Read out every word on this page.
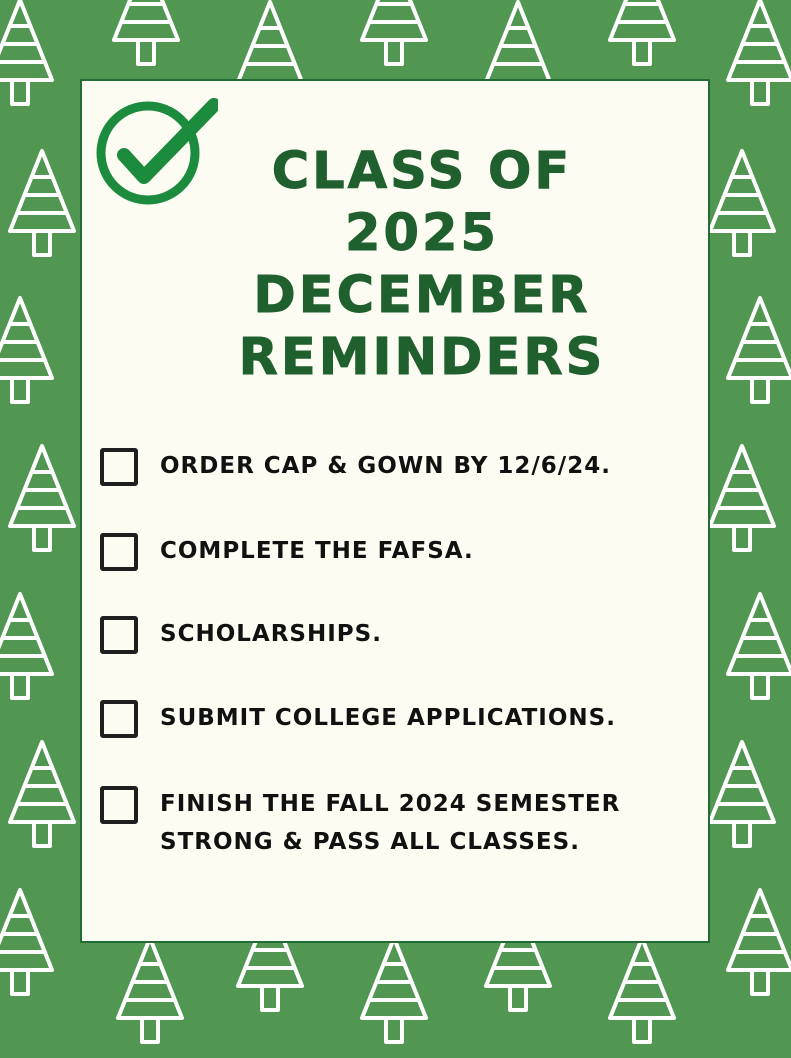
CLASS OF
2025
DECEMBER
REMINDERS
ORDER CAP & GOWN BY 12/6/24.
COMPLETE THE FAFSA.
SCHOLARSHIPS.
SUBMIT COLLEGE APPLICATIONS.
FINISH THE FALL 2024 SEMESTER
STRONG & PASS ALL CLASSES.
